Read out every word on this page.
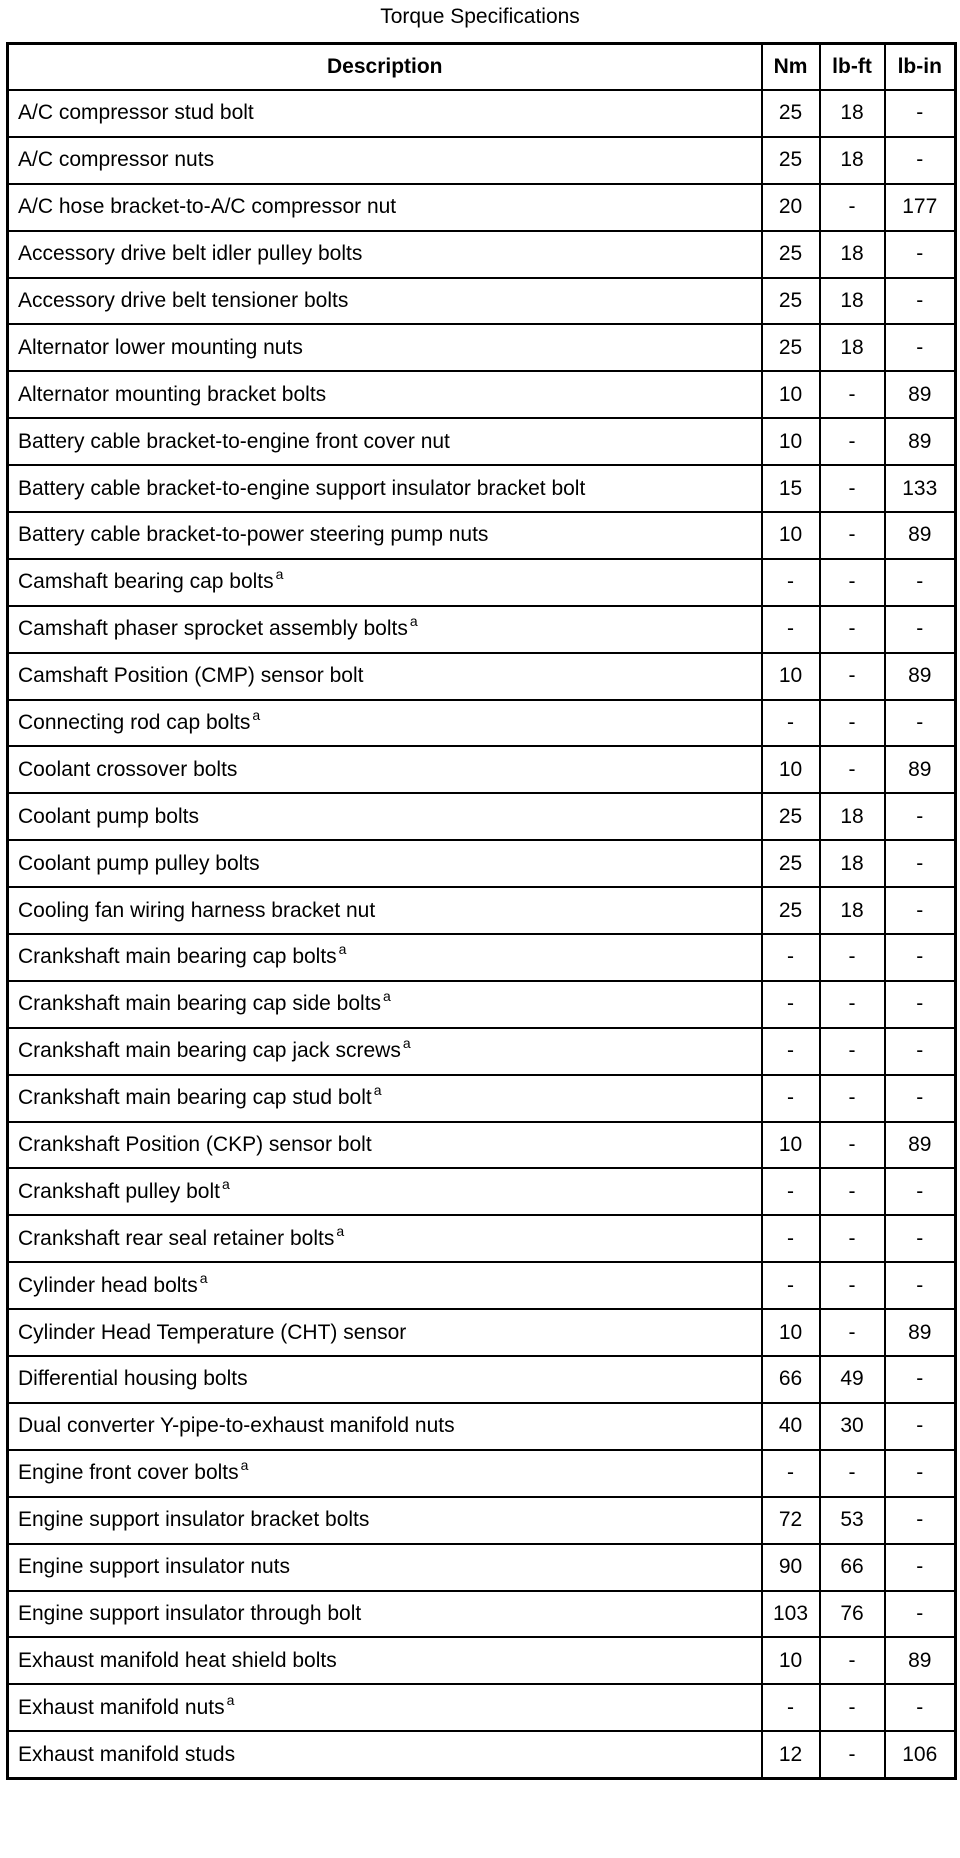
Torque Specifications
Description	Nm	lb-ft	lb-in
A/C compressor stud bolt	25	18	-
A/C compressor nuts	25	18	-
A/C hose bracket-to-A/C compressor nut	20	-	177
Accessory drive belt idler pulley bolts	25	18	-
Accessory drive belt tensioner bolts	25	18	-
Alternator lower mounting nuts	25	18	-
Alternator mounting bracket bolts	10	-	89
Battery cable bracket-to-engine front cover nut	10	-	89
Battery cable bracket-to-engine support insulator bracket bolt	15	-	133
Battery cable bracket-to-power steering pump nuts	10	-	89
Camshaft bearing cap bolts $^a$	-	-	-
Camshaft phaser sprocket assembly bolts $^a$	-	-	-
Camshaft Position (CMP) sensor bolt	10	-	89
Connecting rod cap bolts $^a$	-	-	-
Coolant crossover bolts	10	-	89
Coolant pump bolts	25	18	-
Coolant pump pulley bolts	25	18	-
Cooling fan wiring harness bracket nut	25	18	-
Crankshaft main bearing cap bolts $^a$	-	-	-
Crankshaft main bearing cap side bolts $^a$	-	-	-
Crankshaft main bearing cap jack screws $^a$	-	-	-
Crankshaft main bearing cap stud bolt $^a$	-	-	-
Crankshaft Position (CKP) sensor bolt	10	-	89
Crankshaft pulley bolt $^a$	-	-	-
Crankshaft rear seal retainer bolts $^a$	-	-	-
Cylinder head bolts $^a$	-	-	-
Cylinder Head Temperature (CHT) sensor	10	-	89
Differential housing bolts	66	49	-
Dual converter Y-pipe-to-exhaust manifold nuts	40	30	-
Engine front cover bolts $^a$	-	-	-
Engine support insulator bracket bolts	72	53	-
Engine support insulator nuts	90	66	-
Engine support insulator through bolt	103	76	-
Exhaust manifold heat shield bolts	10	-	89
Exhaust manifold nuts $^a$	-	-	-
Exhaust manifold studs	12	-	106
